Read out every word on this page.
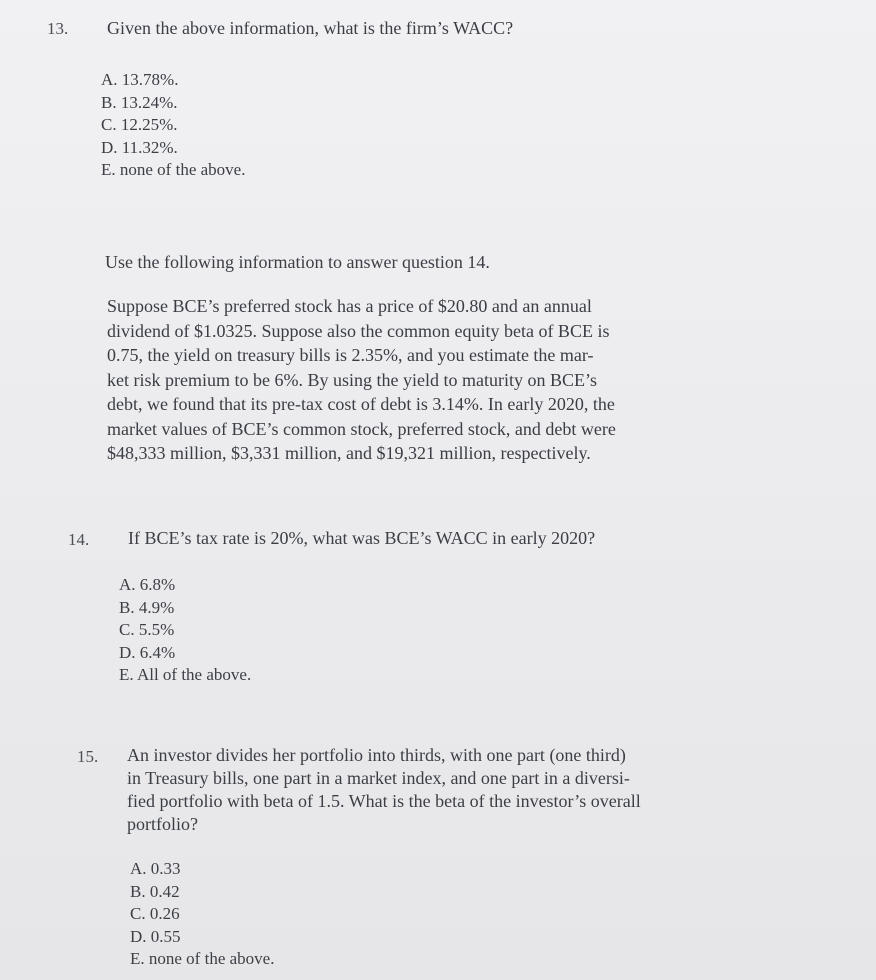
13. Given the above information, what is the firm’s WACC?
A. 13.78%.
B. 13.24%.
C. 12.25%.
D. 11.32%.
E. none of the above.
Use the following information to answer question 14.
Suppose BCE’s preferred stock has a price of $20.80 and an annual
dividend of $1.0325. Suppose also the common equity beta of BCE is
0.75, the yield on treasury bills is 2.35%, and you estimate the mar-
ket risk premium to be 6%. By using the yield to maturity on BCE’s
debt, we found that its pre-tax cost of debt is 3.14%. In early 2020, the
market values of BCE’s common stock, preferred stock, and debt were
$48,333 million, $3,331 million, and $19,321 million, respectively.
14. If BCE’s tax rate is 20%, what was BCE’s WACC in early 2020?
A. 6.8%
B. 4.9%
C. 5.5%
D. 6.4%
E. All of the above.
15. An investor divides her portfolio into thirds, with one part (one third)
in Treasury bills, one part in a market index, and one part in a diversi-
fied portfolio with beta of 1.5. What is the beta of the investor’s overall
portfolio?
A. 0.33
B. 0.42
C. 0.26
D. 0.55
E. none of the above.
